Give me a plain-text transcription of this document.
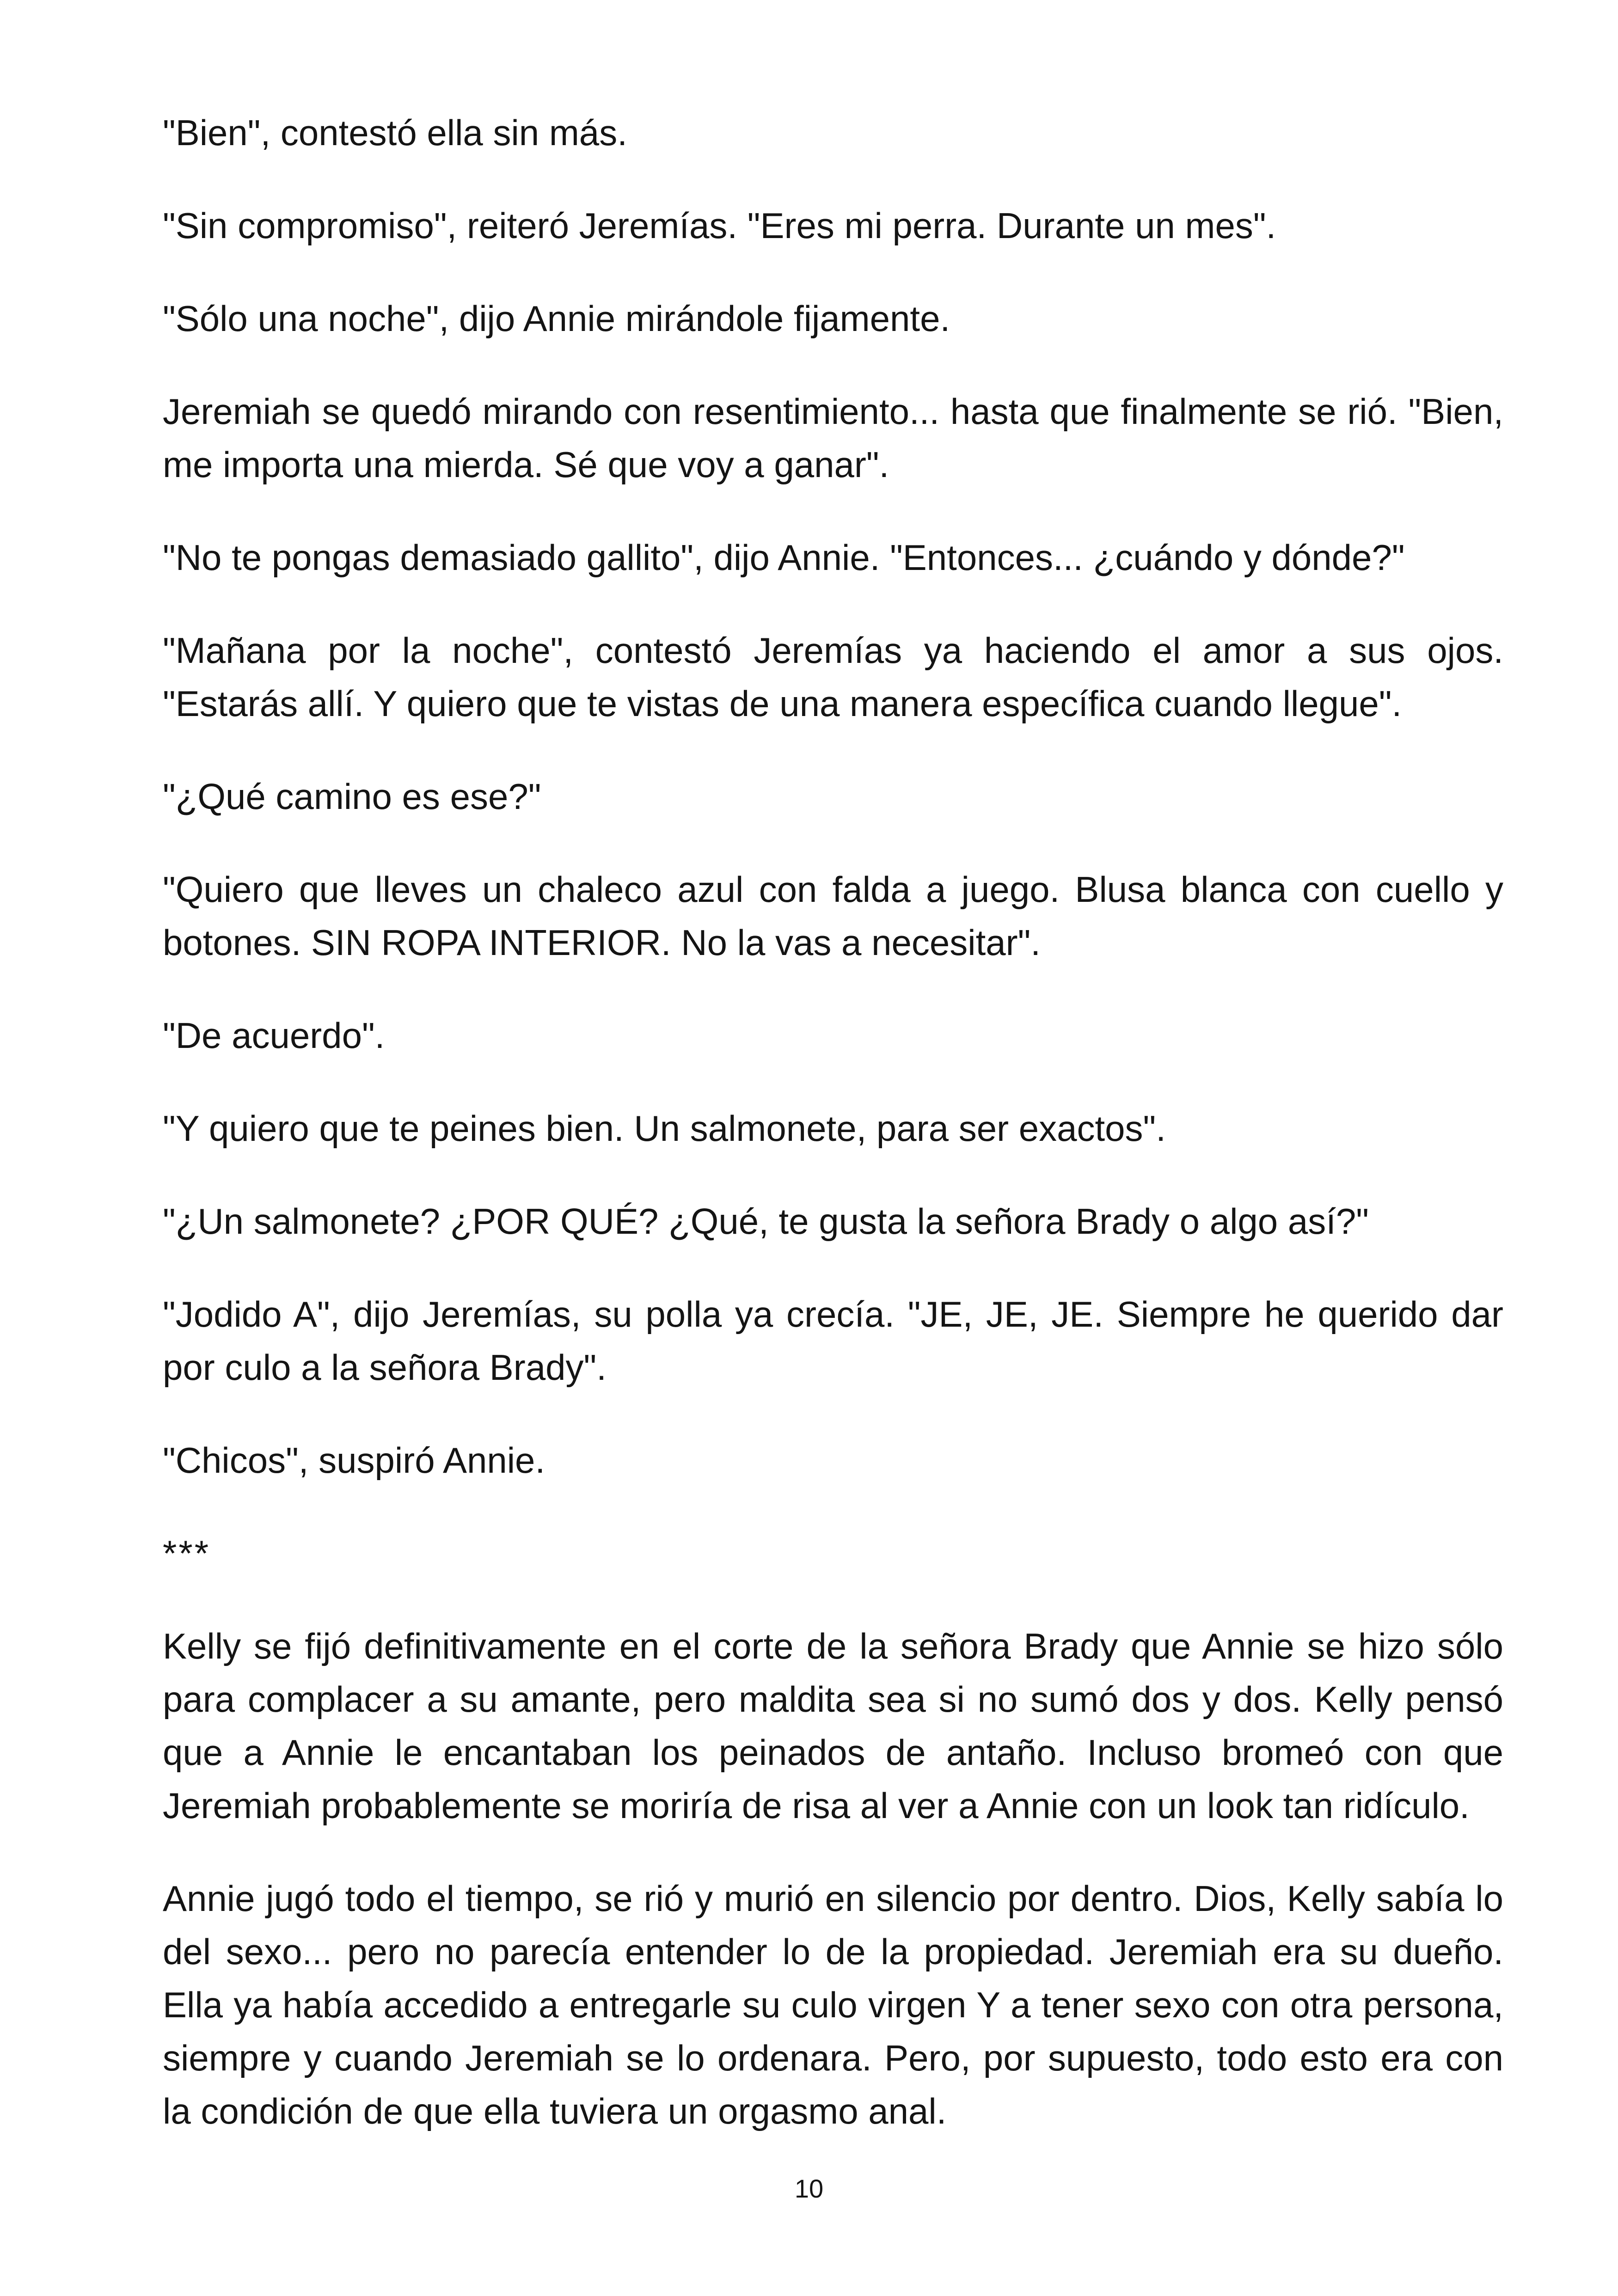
"Bien", contestó ella sin más.

"Sin compromiso", reiteró Jeremías. "Eres mi perra. Durante un mes".

"Sólo una noche", dijo Annie mirándole fijamente.

Jeremiah se quedó mirando con resentimiento... hasta que finalmente se rió. "Bien, me importa una mierda. Sé que voy a ganar".

"No te pongas demasiado gallito", dijo Annie. "Entonces... ¿cuándo y dónde?"

"Mañana por la noche", contestó Jeremías ya haciendo el amor a sus ojos. "Estarás allí. Y quiero que te vistas de una manera específica cuando llegue".

"¿Qué camino es ese?"

"Quiero que lleves un chaleco azul con falda a juego. Blusa blanca con cuello y botones. SIN ROPA INTERIOR. No la vas a necesitar".

"De acuerdo".

"Y quiero que te peines bien. Un salmonete, para ser exactos".

"¿Un salmonete? ¿POR QUÉ? ¿Qué, te gusta la señora Brady o algo así?"

"Jodido A", dijo Jeremías, su polla ya crecía. "JE, JE, JE. Siempre he querido dar por culo a la señora Brady".

"Chicos", suspiró Annie.

***

Kelly se fijó definitivamente en el corte de la señora Brady que Annie se hizo sólo para complacer a su amante, pero maldita sea si no sumó dos y dos. Kelly pensó que a Annie le encantaban los peinados de antaño. Incluso bromeó con que Jeremiah probablemente se moriría de risa al ver a Annie con un look tan ridículo.

Annie jugó todo el tiempo, se rió y murió en silencio por dentro. Dios, Kelly sabía lo del sexo... pero no parecía entender lo de la propiedad. Jeremiah era su dueño. Ella ya había accedido a entregarle su culo virgen Y a tener sexo con otra persona, siempre y cuando Jeremiah se lo ordenara. Pero, por supuesto, todo esto era con la condición de que ella tuviera un orgasmo anal.

10
